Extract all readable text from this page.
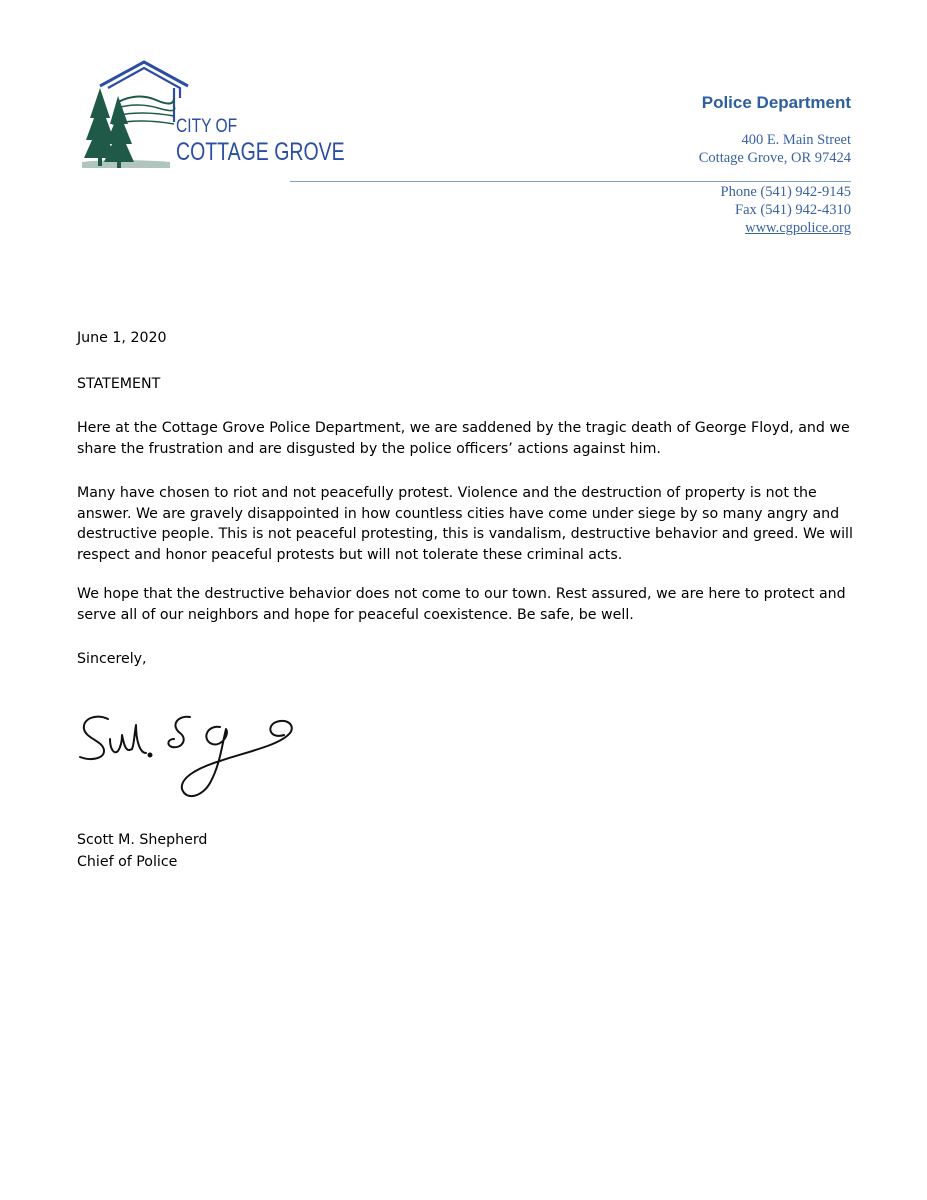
CITY OF
COTTAGE GROVE
Police Department
400 E. Main Street
Cottage Grove, OR 97424
Phone (541) 942-9145
Fax (541) 942-4310
www.cgpolice.org
June 1, 2020
STATEMENT

Here at the Cottage Grove Police Department, we are saddened by the tragic death of George Floyd, and we share the frustration and are disgusted by the police officers’ actions against him.

Many have chosen to riot and not peacefully protest. Violence and the destruction of property is not the answer. We are gravely disappointed in how countless cities have come under siege by so many angry and destructive people. This is not peaceful protesting, this is vandalism, destructive behavior and greed. We will respect and honor peaceful protests but will not tolerate these criminal acts.

We hope that the destructive behavior does not come to our town. Rest assured, we are here to protect and serve all of our neighbors and hope for peaceful coexistence. Be safe, be well.

Sincerely,
Scott M. Shepherd
Chief of Police
